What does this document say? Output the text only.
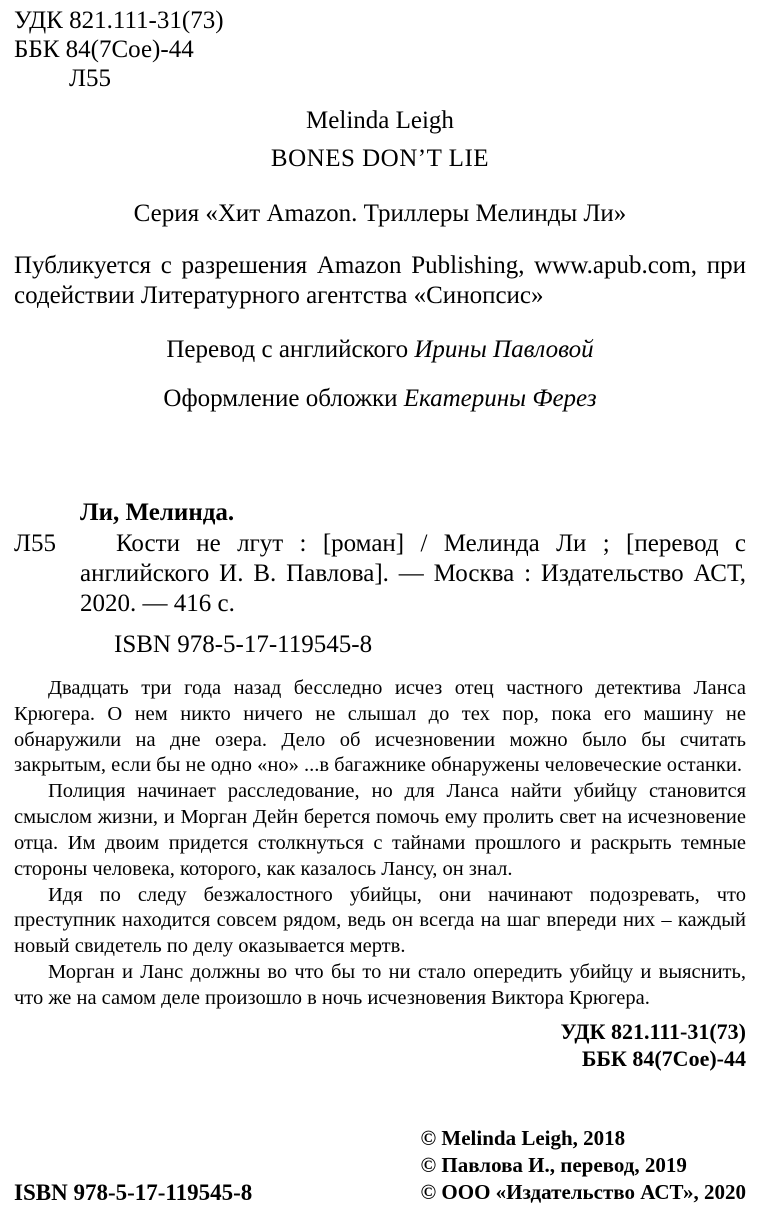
УДК 821.111-31(73)
ББК 84(7Сое)-44
Л55
Melinda Leigh
BONES DON’T LIE
Серия «Хит Amazon. Триллеры Мелинды Ли»
Публикуется с разрешения Amazon Publishing, www.apub.com, при содействии Литературного агентства «Синопсис»
Перевод с английского Ирины Павловой
Оформление обложки Екатерины Ферез
Ли, Мелинда.
Л55 Кости не лгут : [роман] / Мелинда Ли ; [перевод с английского И. В. Павлова]. — Москва : Издательство АСТ, 2020. — 416 с.
ISBN 978-5-17-119545-8

Двадцать три года назад бесследно исчез отец частного детектива Ланса Крюгера. О нем никто ничего не слышал до тех пор, пока его машину не обнаружили на дне озера. Дело об исчезновении можно было бы считать закрытым, если бы не одно «но» ...в багажнике обнаружены человеческие останки.

Полиция начинает расследование, но для Ланса найти убийцу становится смыслом жизни, и Морган Дейн берется помочь ему пролить свет на исчезновение отца. Им двоим придется столкнуться с тайнами прошлого и раскрыть темные стороны человека, которого, как казалось Лансу, он знал.

Идя по следу безжалостного убийцы, они начинают подозревать, что преступник находится совсем рядом, ведь он всегда на шаг впереди них – каждый новый свидетель по делу оказывается мертв.

Морган и Ланс должны во что бы то ни стало опередить убийцу и выяснить, что же на самом деле произошло в ночь исчезновения Виктора Крюгера.

УДК 821.111-31(73)
ББК 84(7Сое)-44
ISBN 978-5-17-119545-8
© Melinda Leigh, 2018
© Павлова И., перевод, 2019
© ООО «Издательство АСТ», 2020
